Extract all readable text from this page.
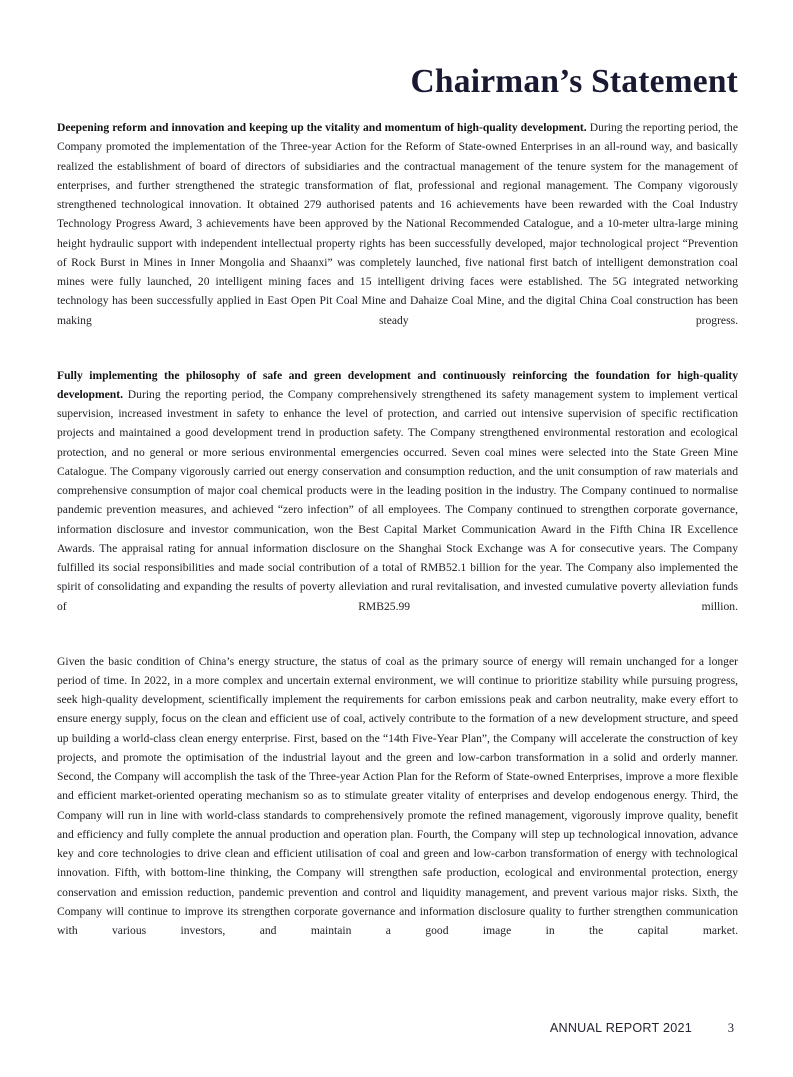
Chairman’s Statement

Deepening reform and innovation and keeping up the vitality and momentum of high-quality development. During the reporting period, the Company promoted the implementation of the Three-year Action for the Reform of State-owned Enterprises in an all-round way, and basically realized the establishment of board of directors of subsidiaries and the contractual management of the tenure system for the management of enterprises, and further strengthened the strategic transformation of flat, professional and regional management. The Company vigorously strengthened technological innovation. It obtained 279 authorised patents and 16 achievements have been rewarded with the Coal Industry Technology Progress Award, 3 achievements have been approved by the National Recommended Catalogue, and a 10-meter ultra-large mining height hydraulic support with independent intellectual property rights has been successfully developed, major technological project “Prevention of Rock Burst in Mines in Inner Mongolia and Shaanxi” was completely launched, five national first batch of intelligent demonstration coal mines were fully launched, 20 intelligent mining faces and 15 intelligent driving faces were established. The 5G integrated networking technology has been successfully applied in East Open Pit Coal Mine and Dahaize Coal Mine, and the digital China Coal construction has been making steady progress.

Fully implementing the philosophy of safe and green development and continuously reinforcing the foundation for high-quality development. During the reporting period, the Company comprehensively strengthened its safety management system to implement vertical supervision, increased investment in safety to enhance the level of protection, and carried out intensive supervision of specific rectification projects and maintained a good development trend in production safety. The Company strengthened environmental restoration and ecological protection, and no general or more serious environmental emergencies occurred. Seven coal mines were selected into the State Green Mine Catalogue. The Company vigorously carried out energy conservation and consumption reduction, and the unit consumption of raw materials and comprehensive consumption of major coal chemical products were in the leading position in the industry. The Company continued to normalise pandemic prevention measures, and achieved “zero infection” of all employees. The Company continued to strengthen corporate governance, information disclosure and investor communication, won the Best Capital Market Communication Award in the Fifth China IR Excellence Awards. The appraisal rating for annual information disclosure on the Shanghai Stock Exchange was A for consecutive years. The Company fulfilled its social responsibilities and made social contribution of a total of RMB52.1 billion for the year. The Company also implemented the spirit of consolidating and expanding the results of poverty alleviation and rural revitalisation, and invested cumulative poverty alleviation funds of RMB25.99 million.

Given the basic condition of China’s energy structure, the status of coal as the primary source of energy will remain unchanged for a longer period of time. In 2022, in a more complex and uncertain external environment, we will continue to prioritize stability while pursuing progress, seek high-quality development, scientifically implement the requirements for carbon emissions peak and carbon neutrality, make every effort to ensure energy supply, focus on the clean and efficient use of coal, actively contribute to the formation of a new development structure, and speed up building a world-class clean energy enterprise. First, based on the “14th Five-Year Plan”, the Company will accelerate the construction of key projects, and promote the optimisation of the industrial layout and the green and low-carbon transformation in a solid and orderly manner. Second, the Company will accomplish the task of the Three-year Action Plan for the Reform of State-owned Enterprises, improve a more flexible and efficient market-oriented operating mechanism so as to stimulate greater vitality of enterprises and develop endogenous energy. Third, the Company will run in line with world-class standards to comprehensively promote the refined management, vigorously improve quality, benefit and efficiency and fully complete the annual production and operation plan. Fourth, the Company will step up technological innovation, advance key and core technologies to drive clean and efficient utilisation of coal and green and low-carbon transformation of energy with technological innovation. Fifth, with bottom-line thinking, the Company will strengthen safe production, ecological and environmental protection, energy conservation and emission reduction, pandemic prevention and control and liquidity management, and prevent various major risks. Sixth, the Company will continue to improve its strengthen corporate governance and information disclosure quality to further strengthen communication with various investors, and maintain a good image in the capital market.

ANNUAL REPORT 2021	3
